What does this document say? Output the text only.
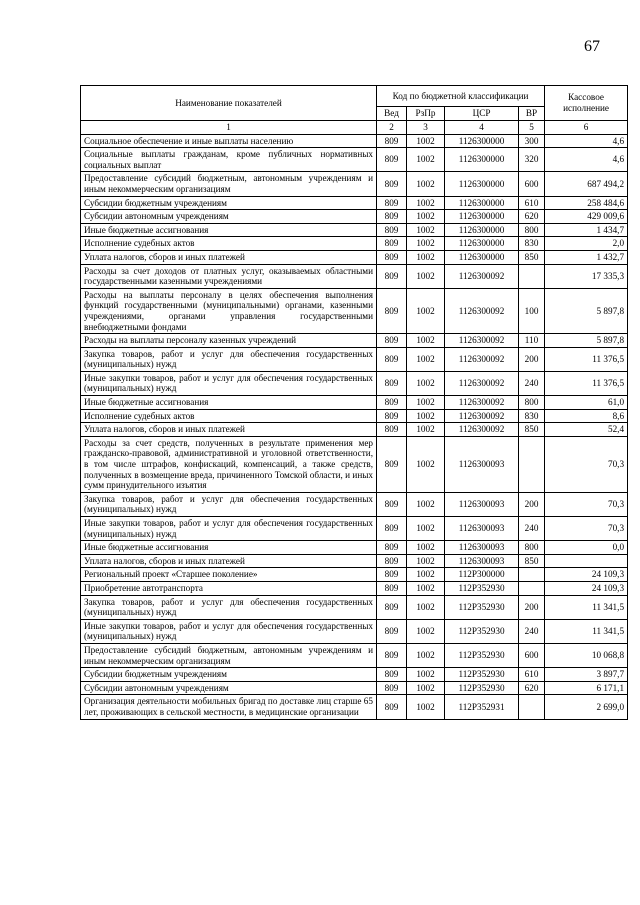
67
Наименование показателей	Код по бюджетной классификации				Кассовое исполнение
	Вед	РзПр	ЦСР	ВР	
1	2	3	4	5	6
Социальное обеспечение и иные выплаты населению	809	1002	1126300000	300	4,6
Социальные выплаты гражданам, кроме публичных нормативных социальных выплат	809	1002	1126300000	320	4,6
Предоставление субсидий бюджетным, автономным учреждениям и иным некоммерческим организациям	809	1002	1126300000	600	687 494,2
Субсидии бюджетным учреждениям	809	1002	1126300000	610	258 484,6
Субсидии автономным учреждениям	809	1002	1126300000	620	429 009,6
Иные бюджетные ассигнования	809	1002	1126300000	800	1 434,7
Исполнение судебных актов	809	1002	1126300000	830	2,0
Уплата налогов, сборов и иных платежей	809	1002	1126300000	850	1 432,7
Расходы за счет доходов от платных услуг, оказываемых областными государственными казенными учреждениями	809	1002	1126300092		17 335,3
Расходы на выплаты персоналу в целях обеспечения выполнения функций государственными (муниципальными) органами, казенными учреждениями, органами управления государственными внебюджетными фондами	809	1002	1126300092	100	5 897,8
Расходы на выплаты персоналу казенных учреждений	809	1002	1126300092	110	5 897,8
Закупка товаров, работ и услуг для обеспечения государственных (муниципальных) нужд	809	1002	1126300092	200	11 376,5
Иные закупки товаров, работ и услуг для обеспечения государственных (муниципальных) нужд	809	1002	1126300092	240	11 376,5
Иные бюджетные ассигнования	809	1002	1126300092	800	61,0
Исполнение судебных актов	809	1002	1126300092	830	8,6
Уплата налогов, сборов и иных платежей	809	1002	1126300092	850	52,4
Расходы за счет средств, полученных в результате применения мер гражданско-правовой, административной и уголовной ответственности, в том числе штрафов, конфискаций, компенсаций, а также средств, полученных в возмещение вреда, причиненного Томской области, и иных сумм принудительного изъятия	809	1002	1126300093		70,3
Закупка товаров, работ и услуг для обеспечения государственных (муниципальных) нужд	809	1002	1126300093	200	70,3
Иные закупки товаров, работ и услуг для обеспечения государственных (муниципальных) нужд	809	1002	1126300093	240	70,3
Иные бюджетные ассигнования	809	1002	1126300093	800	0,0
Уплата налогов, сборов и иных платежей	809	1002	1126300093	850	
Региональный проект «Старшее поколение»	809	1002	112P300000		24 109,3
Приобретение автотранспорта	809	1002	112P352930		24 109,3
Закупка товаров, работ и услуг для обеспечения государственных (муниципальных) нужд	809	1002	112P352930	200	11 341,5
Иные закупки товаров, работ и услуг для обеспечения государственных (муниципальных) нужд	809	1002	112P352930	240	11 341,5
Предоставление субсидий бюджетным, автономным учреждениям и иным некоммерческим организациям	809	1002	112P352930	600	10 068,8
Субсидии бюджетным учреждениям	809	1002	112P352930	610	3 897,7
Субсидии автономным учреждениям	809	1002	112P352930	620	6 171,1
Организация деятельности мобильных бригад по доставке лиц старше 65 лет, проживающих в сельской местности, в медицинские организации	809	1002	112P352931		2 699,0
